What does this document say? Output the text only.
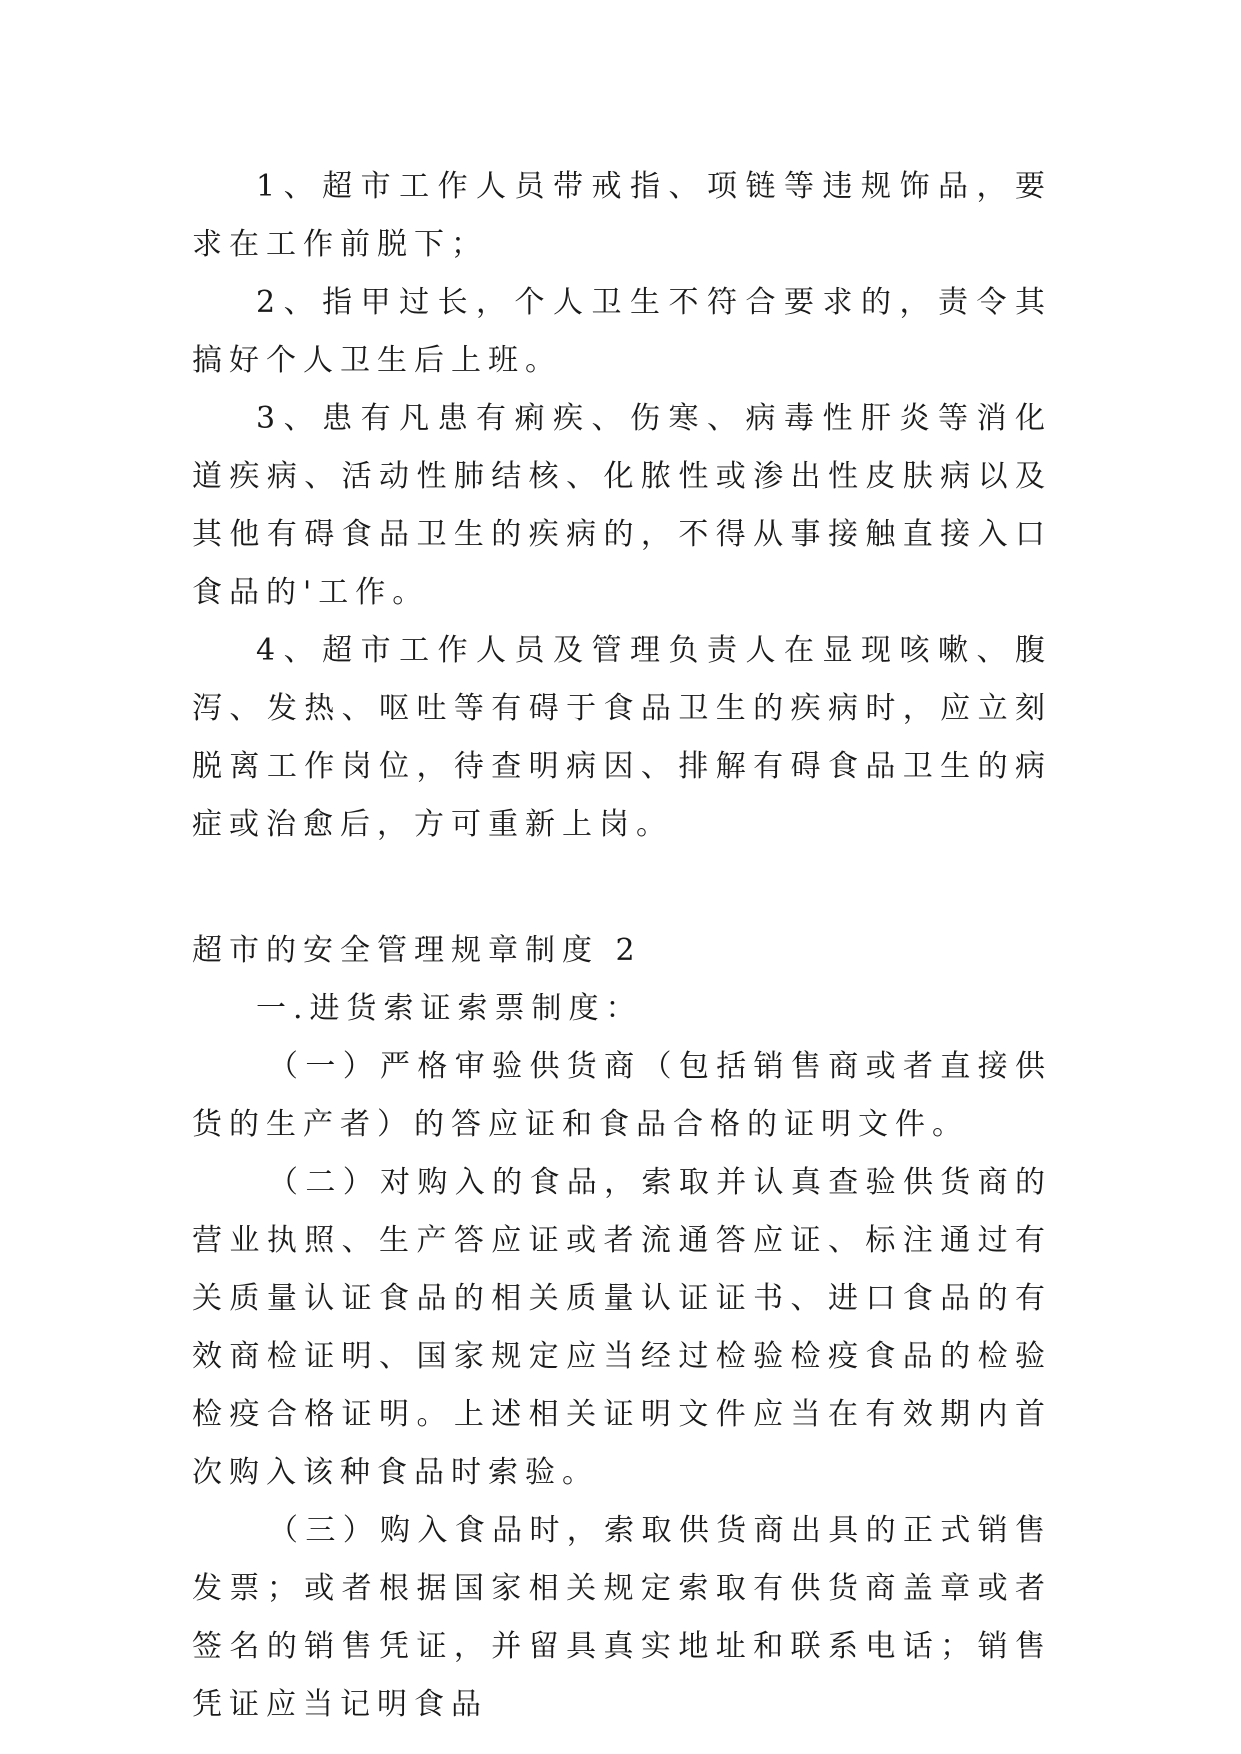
1、超市工作人员带戒指、项链等违规饰品，要求在工作前脱下；

2、指甲过长，个人卫生不符合要求的，责令其搞好个人卫生后上班。

3、患有凡患有痢疾、伤寒、病毒性肝炎等消化道疾病、活动性肺结核、化脓性或渗出性皮肤病以及其他有碍食品卫生的疾病的，不得从事接触直接入口食品的'工作。

4、超市工作人员及管理负责人在显现咳嗽、腹泻、发热、呕吐等有碍于食品卫生的疾病时，应立刻脱离工作岗位，待查明病因、排解有碍食品卫生的病症或治愈后，方可重新上岗。

超市的安全管理规章制度 2

一.进货索证索票制度：

（一）严格审验供货商（包括销售商或者直接供货的生产者）的答应证和食品合格的证明文件。

（二）对购入的食品，索取并认真查验供货商的营业执照、生产答应证或者流通答应证、标注通过有关质量认证食品的相关质量认证证书、进口食品的有效商检证明、国家规定应当经过检验检疫食品的检验检疫合格证明。上述相关证明文件应当在有效期内首次购入该种食品时索验。

（三）购入食品时，索取供货商出具的正式销售发票；或者根据国家相关规定索取有供货商盖章或者签名的销售凭证，并留具真实地址和联系电话；销售凭证应当记明食品
